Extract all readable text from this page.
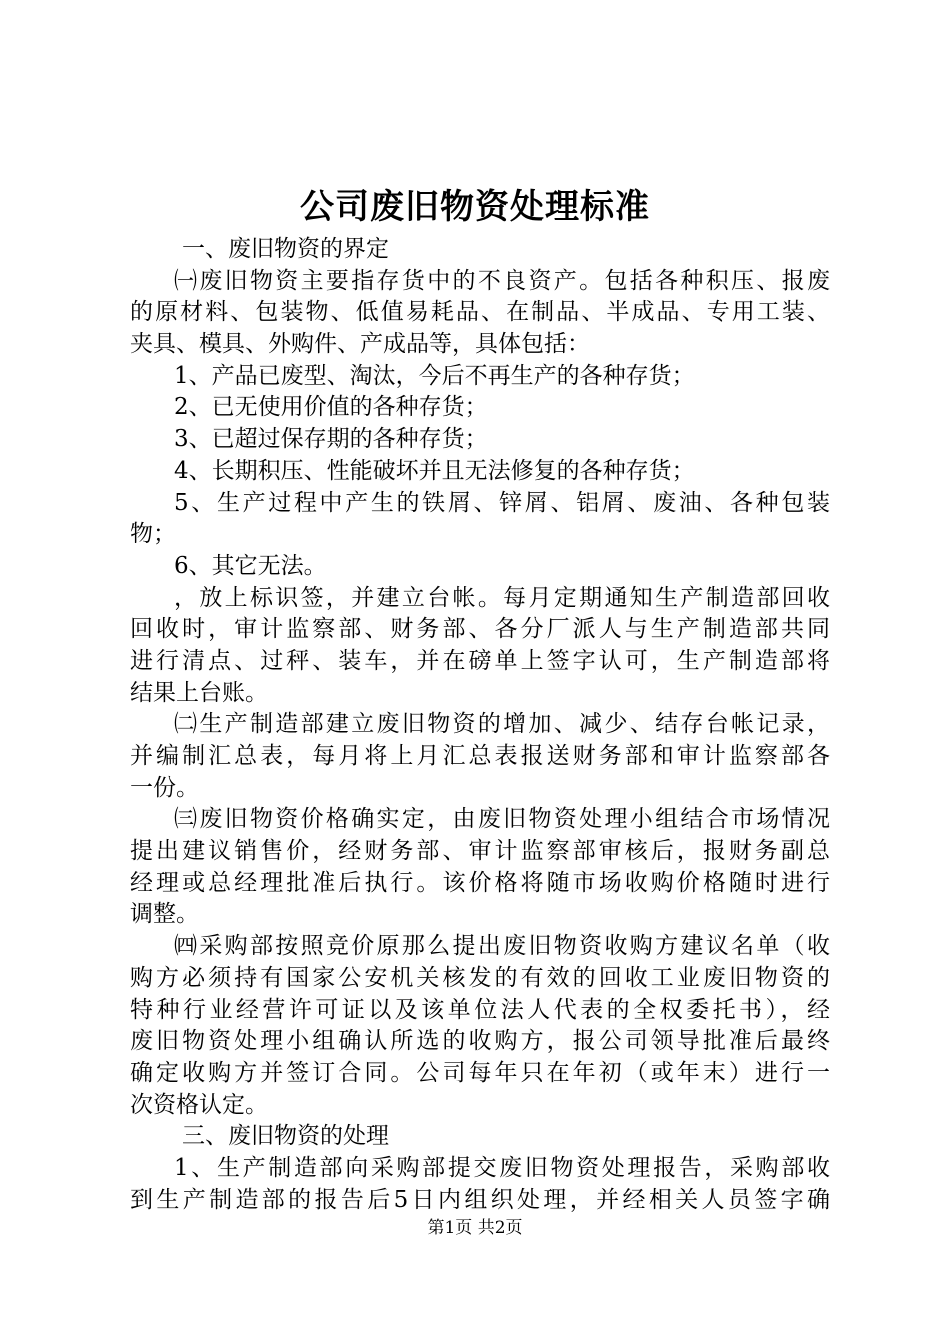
公司废旧物资处理标准
一、废旧物资的界定
㈠废旧物资主要指存货中的不良资产。包括各种积压、报废
的原材料、包装物、低值易耗品、在制品、半成品、专用工装、
夹具、模具、外购件、产成品等，具体包括：
1、产品已废型、淘汰，今后不再生产的各种存货；
2、已无使用价值的各种存货；
3、已超过保存期的各种存货；
4、长期积压、性能破坏并且无法修复的各种存货；
5、生产过程中产生的铁屑、锌屑、铝屑、废油、各种包装
物；
6、其它无法。
，放上标识签，并建立台帐。每月定期通知生产制造部回收
回收时，审计监察部、财务部、各分厂派人与生产制造部共同
进行清点、过秤、装车，并在磅单上签字认可，生产制造部将
结果上台账。
㈡生产制造部建立废旧物资的增加、减少、结存台帐记录，
并编制汇总表，每月将上月汇总表报送财务部和审计监察部各
一份。
㈢废旧物资价格确实定，由废旧物资处理小组结合市场情况
提出建议销售价，经财务部、审计监察部审核后，报财务副总
经理或总经理批准后执行。该价格将随市场收购价格随时进行
调整。
㈣采购部按照竞价原那么提出废旧物资收购方建议名单（收
购方必须持有国家公安机关核发的有效的回收工业废旧物资的
特种行业经营许可证以及该单位法人代表的全权委托书），经
废旧物资处理小组确认所选的收购方，报公司领导批准后最终
确定收购方并签订合同。公司每年只在年初（或年末）进行一
次资格认定。
三、废旧物资的处理
1、生产制造部向采购部提交废旧物资处理报告，采购部收
到生产制造部的报告后5日内组织处理，并经相关人员签字确
第1页 共2页
